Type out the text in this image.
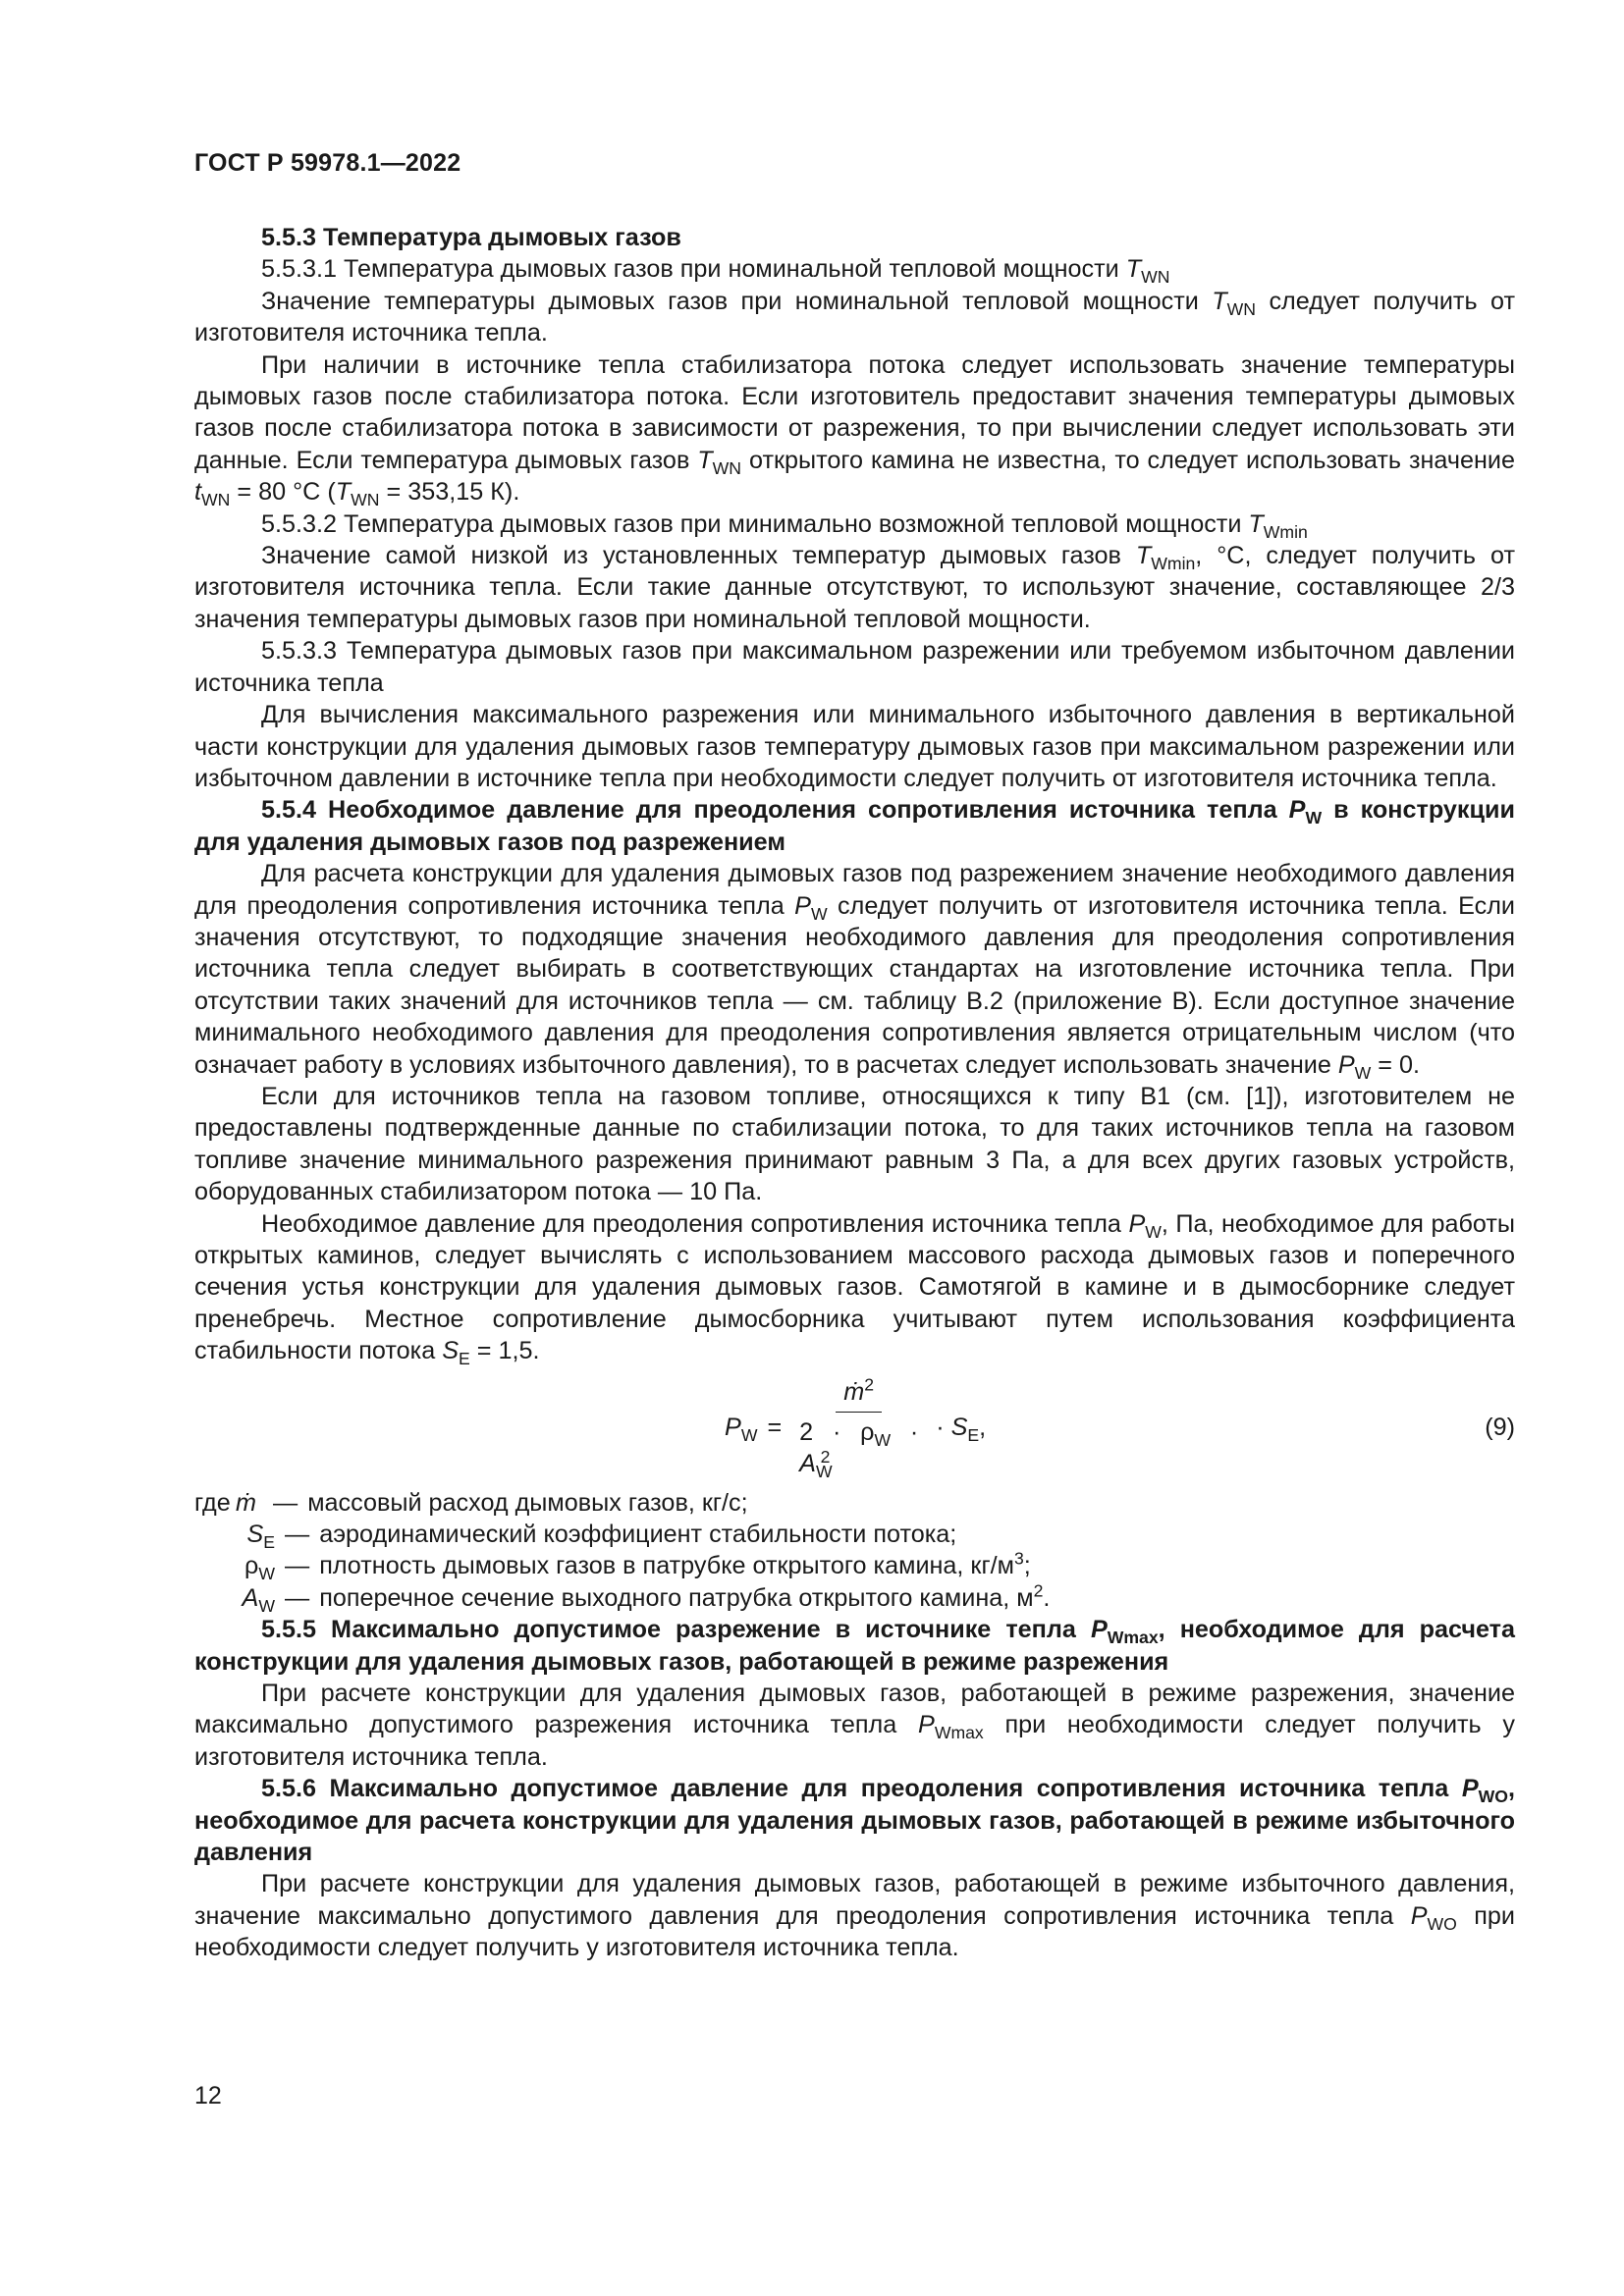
ГОСТ Р 59978.1—2022

5.5.3 Температура дымовых газов

5.5.3.1 Температура дымовых газов при номинальной тепловой мощности $T_{WN}$

Значение температуры дымовых газов при номинальной тепловой мощности $T_{WN}$ следует получить от изготовителя источника тепла.

При наличии в источнике тепла стабилизатора потока следует использовать значение температуры дымовых газов после стабилизатора потока. Если изготовитель предоставит значения температуры дымовых газов после стабилизатора потока в зависимости от разрежения, то при вычислении следует использовать эти данные. Если температура дымовых газов $T_{WN}$ открытого камина не известна, то следует использовать значение $t_{WN} = 80$ °С ($T_{WN} = 353,15$ К).

5.5.3.2 Температура дымовых газов при минимально возможной тепловой мощности $T_{Wmin}$

Значение самой низкой из установленных температур дымовых газов $T_{Wmin}$, °С, следует получить от изготовителя источника тепла. Если такие данные отсутствуют, то используют значение, составляющее 2/3 значения температуры дымовых газов при номинальной тепловой мощности.

5.5.3.3 Температура дымовых газов при максимальном разрежении или требуемом избыточном давлении источника тепла

Для вычисления максимального разрежения или минимального избыточного давления в вертикальной части конструкции для удаления дымовых газов температуру дымовых газов при максимальном разрежении или избыточном давлении в источнике тепла при необходимости следует получить от изготовителя источника тепла.

5.5.4 Необходимое давление для преодоления сопротивления источника тепла $P_W$ в конструкции для удаления дымовых газов под разрежением

Для расчета конструкции для удаления дымовых газов под разрежением значение необходимого давления для преодоления сопротивления источника тепла $P_W$ следует получить от изготовителя источника тепла. Если значения отсутствуют, то подходящие значения необходимого давления для преодоления сопротивления источника тепла следует выбирать в соответствующих стандартах на изготовление источника тепла. При отсутствии таких значений для источников тепла — см. таблицу В.2 (приложение В). Если доступное значение минимального необходимого давления для преодоления сопротивления является отрицательным числом (что означает работу в условиях избыточного давления), то в расчетах следует использовать значение $P_W = 0$.

Если для источников тепла на газовом топливе, относящихся к типу B1 (см. [1]), изготовителем не предоставлены подтвержденные данные по стабилизации потока, то для таких источников тепла на газовом топливе значение минимального разрежения принимают равным 3 Па, а для всех других газовых устройств, оборудованных стабилизатором потока — 10 Па.

Необходимое давление для преодоления сопротивления источника тепла $P_W$, Па, необходимое для работы открытых каминов, следует вычислять с использованием массового расхода дымовых газов и поперечного сечения устья конструкции для удаления дымовых газов. Самотягой в камине и в дымосборнике следует пренебречь. Местное сопротивление дымосборника учитывают путем использования коэффициента стабильности потока $S_E = 1,5$.

$P_W = \frac{ṁ^2}{2 \cdot \rho_W \cdot A_W^2} \cdot S_E$,	(9)
где ṁ — массовый расход дымовых газов, кг/с;
$S_E$ — аэродинамический коэффициент стабильности потока;
$\rho_W$ — плотность дымовых газов в патрубке открытого камина, $кг/м^3$;
$A_W$ — поперечное сечение выходного патрубка открытого камина, $м^2$.

5.5.5 Максимально допустимое разрежение в источнике тепла $P_{Wmax}$, необходимое для расчета конструкции для удаления дымовых газов, работающей в режиме разрежения

При расчете конструкции для удаления дымовых газов, работающей в режиме разрежения, значение максимально допустимого разрежения источника тепла $P_{Wmax}$ при необходимости следует получить у изготовителя источника тепла.

5.5.6 Максимально допустимое давление для преодоления сопротивления источника тепла $P_{WO}$, необходимое для расчета конструкции для удаления дымовых газов, работающей в режиме избыточного давления

При расчете конструкции для удаления дымовых газов, работающей в режиме избыточного давления, значение максимально допустимого давления для преодоления сопротивления источника тепла $P_{WO}$ при необходимости следует получить у изготовителя источника тепла.

12
